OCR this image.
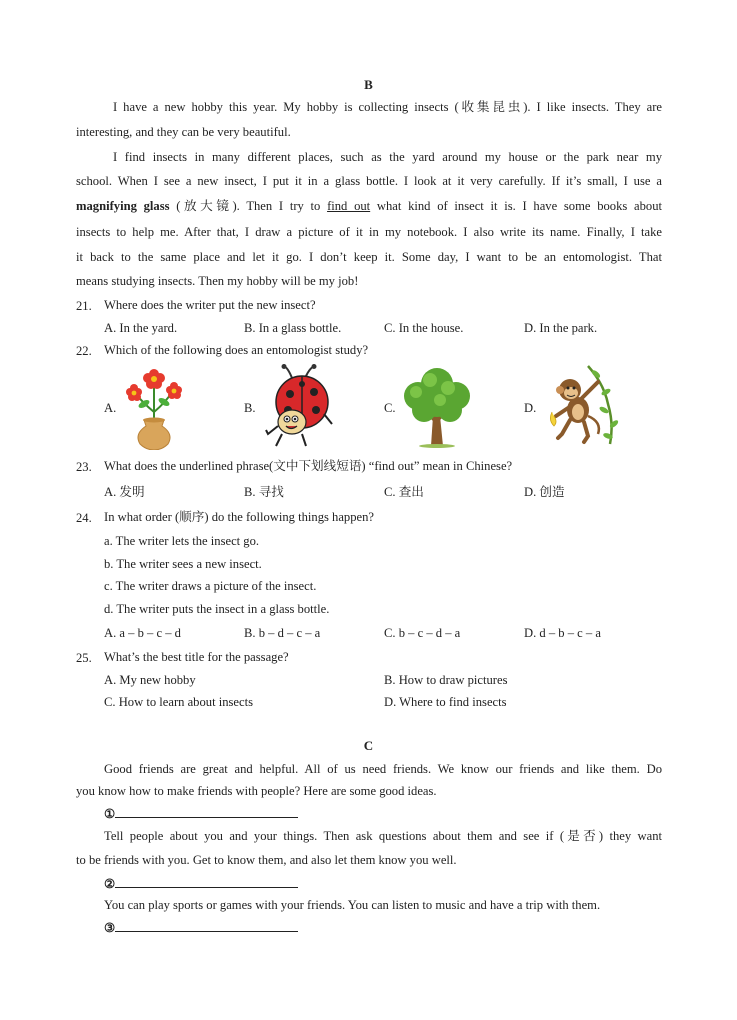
B
I have a new hobby this year. My hobby is collecting insects (收集昆虫). I like insects. They are
interesting, and they can be very beautiful.
I find insects in many different places, such as the yard around my house or the park near my
school. When I see a new insect, I put it in a glass bottle. I look at it very carefully. If it’s small, I use a
magnifying glass (放大镜). Then I try to find out what kind of insect it is. I have some books about
insects to help me. After that, I draw a picture of it in my notebook. I also write its name. Finally, I take
it back to the same place and let it go. I don’t keep it. Some day, I want to be an entomologist. That
means studying insects. Then my hobby will be my job!
21. Where does the writer put the new insect?
A. In the yard.	B. In a glass bottle.	C. In the house.	D. In the park.
22. Which of the following does an entomologist study?
A.	B.	C.	D.
23. What does the underlined phrase(文中下划线短语) “find out” mean in Chinese?
A. 发明	B. 寻找	C. 查出	D. 创造
24. In what order (顺序) do the following things happen?
a. The writer lets the insect go.
b. The writer sees a new insect.
c. The writer draws a picture of the insect.
d. The writer puts the insect in a glass bottle.
A. a – b – c – d	B. b – d – c – a	C. b – c – d – a	D. d – b – c – a
25. What’s the best title for the passage?
A. My new hobby	B. How to draw pictures
C. How to learn about insects	D. Where to find insects
C
Good friends are great and helpful. All of us need friends. We know our friends and like them. Do
you know how to make friends with people? Here are some good ideas.
①
Tell people about you and your things. Then ask questions about them and see if (是否) they want
to be friends with you. Get to know them, and also let them know you well.
②
You can play sports or games with your friends. You can listen to music and have a trip with them.
③
